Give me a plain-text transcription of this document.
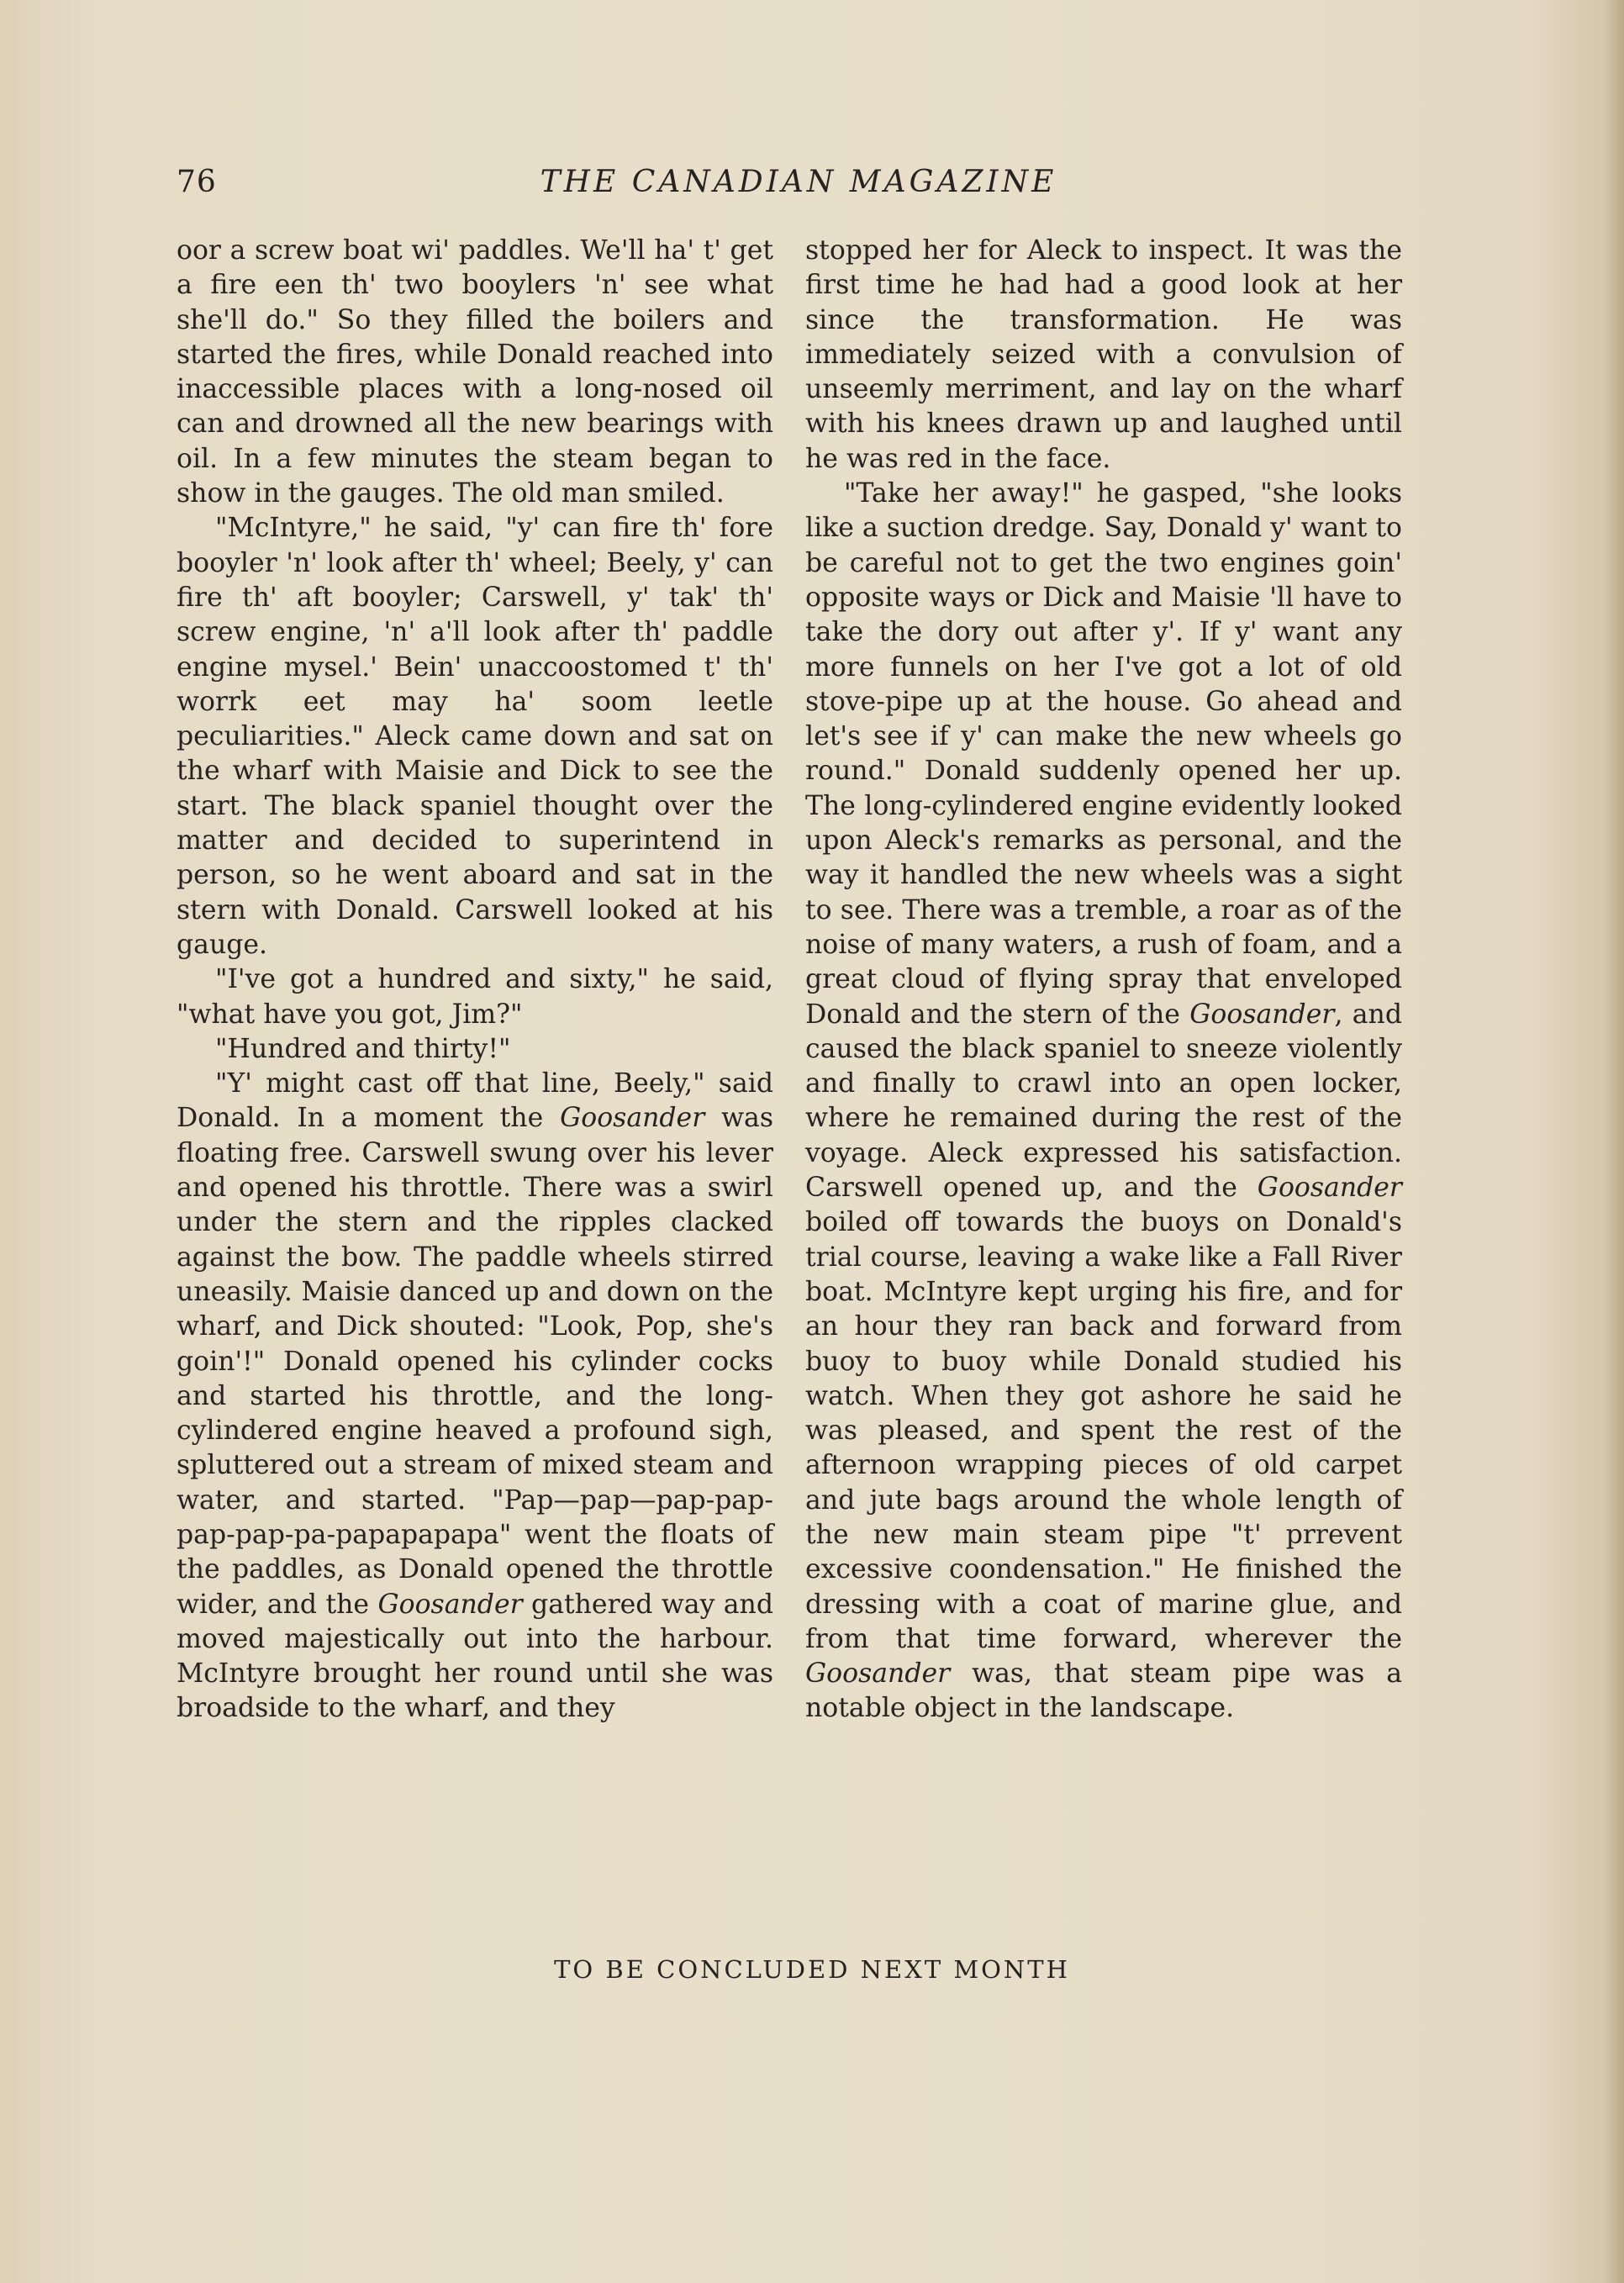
76	THE CANADIAN MAGAZINE

oor a screw boat wi' paddles. We'll ha' t' get a fire een th' two booylers 'n' see what she'll do." So they filled the boilers and started the fires, while Donald reached into inaccessible places with a long-nosed oil can and drowned all the new bearings with oil. In a few minutes the steam began to show in the gauges. The old man smiled.

"McIntyre," he said, "y' can fire th' fore booyler 'n' look after th' wheel; Beely, y' can fire th' aft booyler; Carswell, y' tak' th' screw engine, 'n' a'll look after th' paddle engine mysel.' Bein' unaccoostomed t' th' worrk eet may ha' soom leetle peculiarities." Aleck came down and sat on the wharf with Maisie and Dick to see the start. The black spaniel thought over the matter and decided to superintend in person, so he went aboard and sat in the stern with Donald. Carswell looked at his gauge.

"I've got a hundred and sixty," he said, "what have you got, Jim?"

"Hundred and thirty!"

"Y' might cast off that line, Beely," said Donald. In a moment the Goosander was floating free. Carswell swung over his lever and opened his throttle. There was a swirl under the stern and the ripples clacked against the bow. The paddle wheels stirred uneasily. Maisie danced up and down on the wharf, and Dick shouted: "Look, Pop, she's goin'!" Donald opened his cylinder cocks and started his throttle, and the long-cylindered engine heaved a profound sigh, spluttered out a stream of mixed steam and water, and started. "Pap—pap—pap-pap-pap-pap-pa-papapapapa" went the floats of the paddles, as Donald opened the throttle wider, and the Goosander gathered way and moved majestically out into the harbour. McIntyre brought her round until she was broadside to the wharf, and they

stopped her for Aleck to inspect. It was the first time he had had a good look at her since the transformation. He was immediately seized with a convulsion of unseemly merriment, and lay on the wharf with his knees drawn up and laughed until he was red in the face.

"Take her away!" he gasped, "she looks like a suction dredge. Say, Donald y' want to be careful not to get the two engines goin' opposite ways or Dick and Maisie 'll have to take the dory out after y'. If y' want any more funnels on her I've got a lot of old stove-pipe up at the house. Go ahead and let's see if y' can make the new wheels go round." Donald suddenly opened her up. The long-cylindered engine evidently looked upon Aleck's remarks as personal, and the way it handled the new wheels was a sight to see. There was a tremble, a roar as of the noise of many waters, a rush of foam, and a great cloud of flying spray that enveloped Donald and the stern of the Goosander, and caused the black spaniel to sneeze violently and finally to crawl into an open locker, where he remained during the rest of the voyage. Aleck expressed his satisfaction. Carswell opened up, and the Goosander boiled off towards the buoys on Donald's trial course, leaving a wake like a Fall River boat. McIntyre kept urging his fire, and for an hour they ran back and forward from buoy to buoy while Donald studied his watch. When they got ashore he said he was pleased, and spent the rest of the afternoon wrapping pieces of old carpet and jute bags around the whole length of the new main steam pipe "t' prrevent excessive coondensation." He finished the dressing with a coat of marine glue, and from that time forward, wherever the Goosander was, that steam pipe was a notable object in the landscape.

TO BE CONCLUDED NEXT MONTH
